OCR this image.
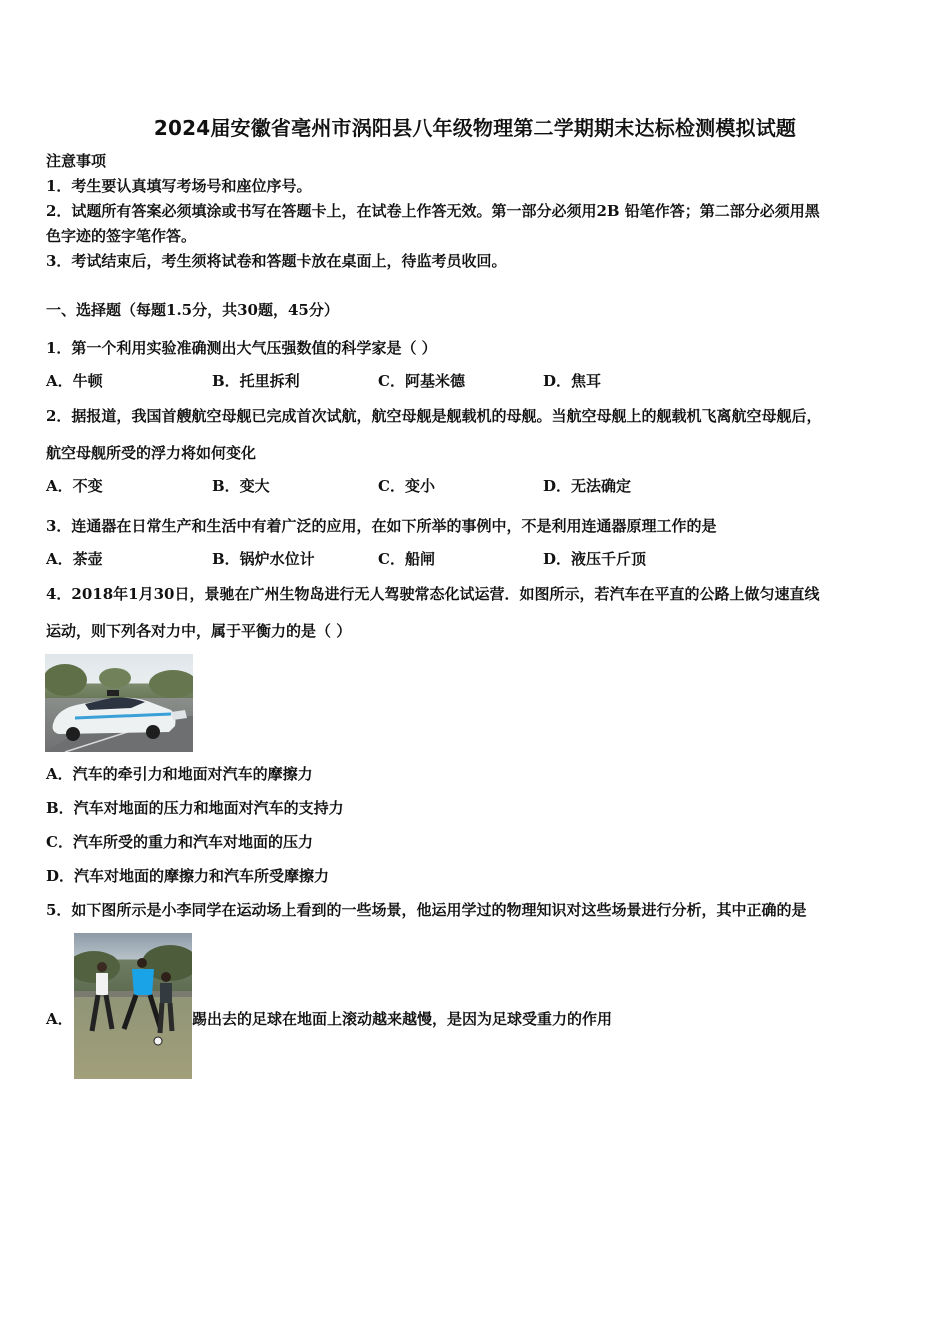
2024届安徽省亳州市涡阳县八年级物理第二学期期末达标检测模拟试题
注意事项
1．考生要认真填写考场号和座位序号。
2．试题所有答案必须填涂或书写在答题卡上，在试卷上作答无效。第一部分必须用2B 铅笔作答；第二部分必须用黑
色字迹的签字笔作答。
3．考试结束后，考生须将试卷和答题卡放在桌面上，待监考员收回。
一、选择题（每题1.5分，共30题，45分）
1．第一个利用实验准确测出大气压强数值的科学家是（ ）
A．牛顿	B．托里拆利	C．阿基米德	D．焦耳
2．据报道，我国首艘航空母舰已完成首次试航，航空母舰是舰载机的母舰。当航空母舰上的舰载机飞离航空母舰后，
航空母舰所受的浮力将如何变化
A．不变	B．变大	C．变小	D．无法确定
3．连通器在日常生产和生活中有着广泛的应用，在如下所举的事例中，不是利用连通器原理工作的是
A．茶壶	B．锅炉水位计	C．船闸	D．液压千斤顶
4．2018年1月30日，景驰在广州生物岛进行无人驾驶常态化试运营．如图所示，若汽车在平直的公路上做匀速直线
运动，则下列各对力中，属于平衡力的是（ ）
A．汽车的牵引力和地面对汽车的摩擦力
B．汽车对地面的压力和地面对汽车的支持力
C．汽车所受的重力和汽车对地面的压力
D．汽车对地面的摩擦力和汽车所受摩擦力
5．如下图所示是小李同学在运动场上看到的一些场景，他运用学过的物理知识对这些场景进行分析，其中正确的是
A．	踢出去的足球在地面上滚动越来越慢，是因为足球受重力的作用
